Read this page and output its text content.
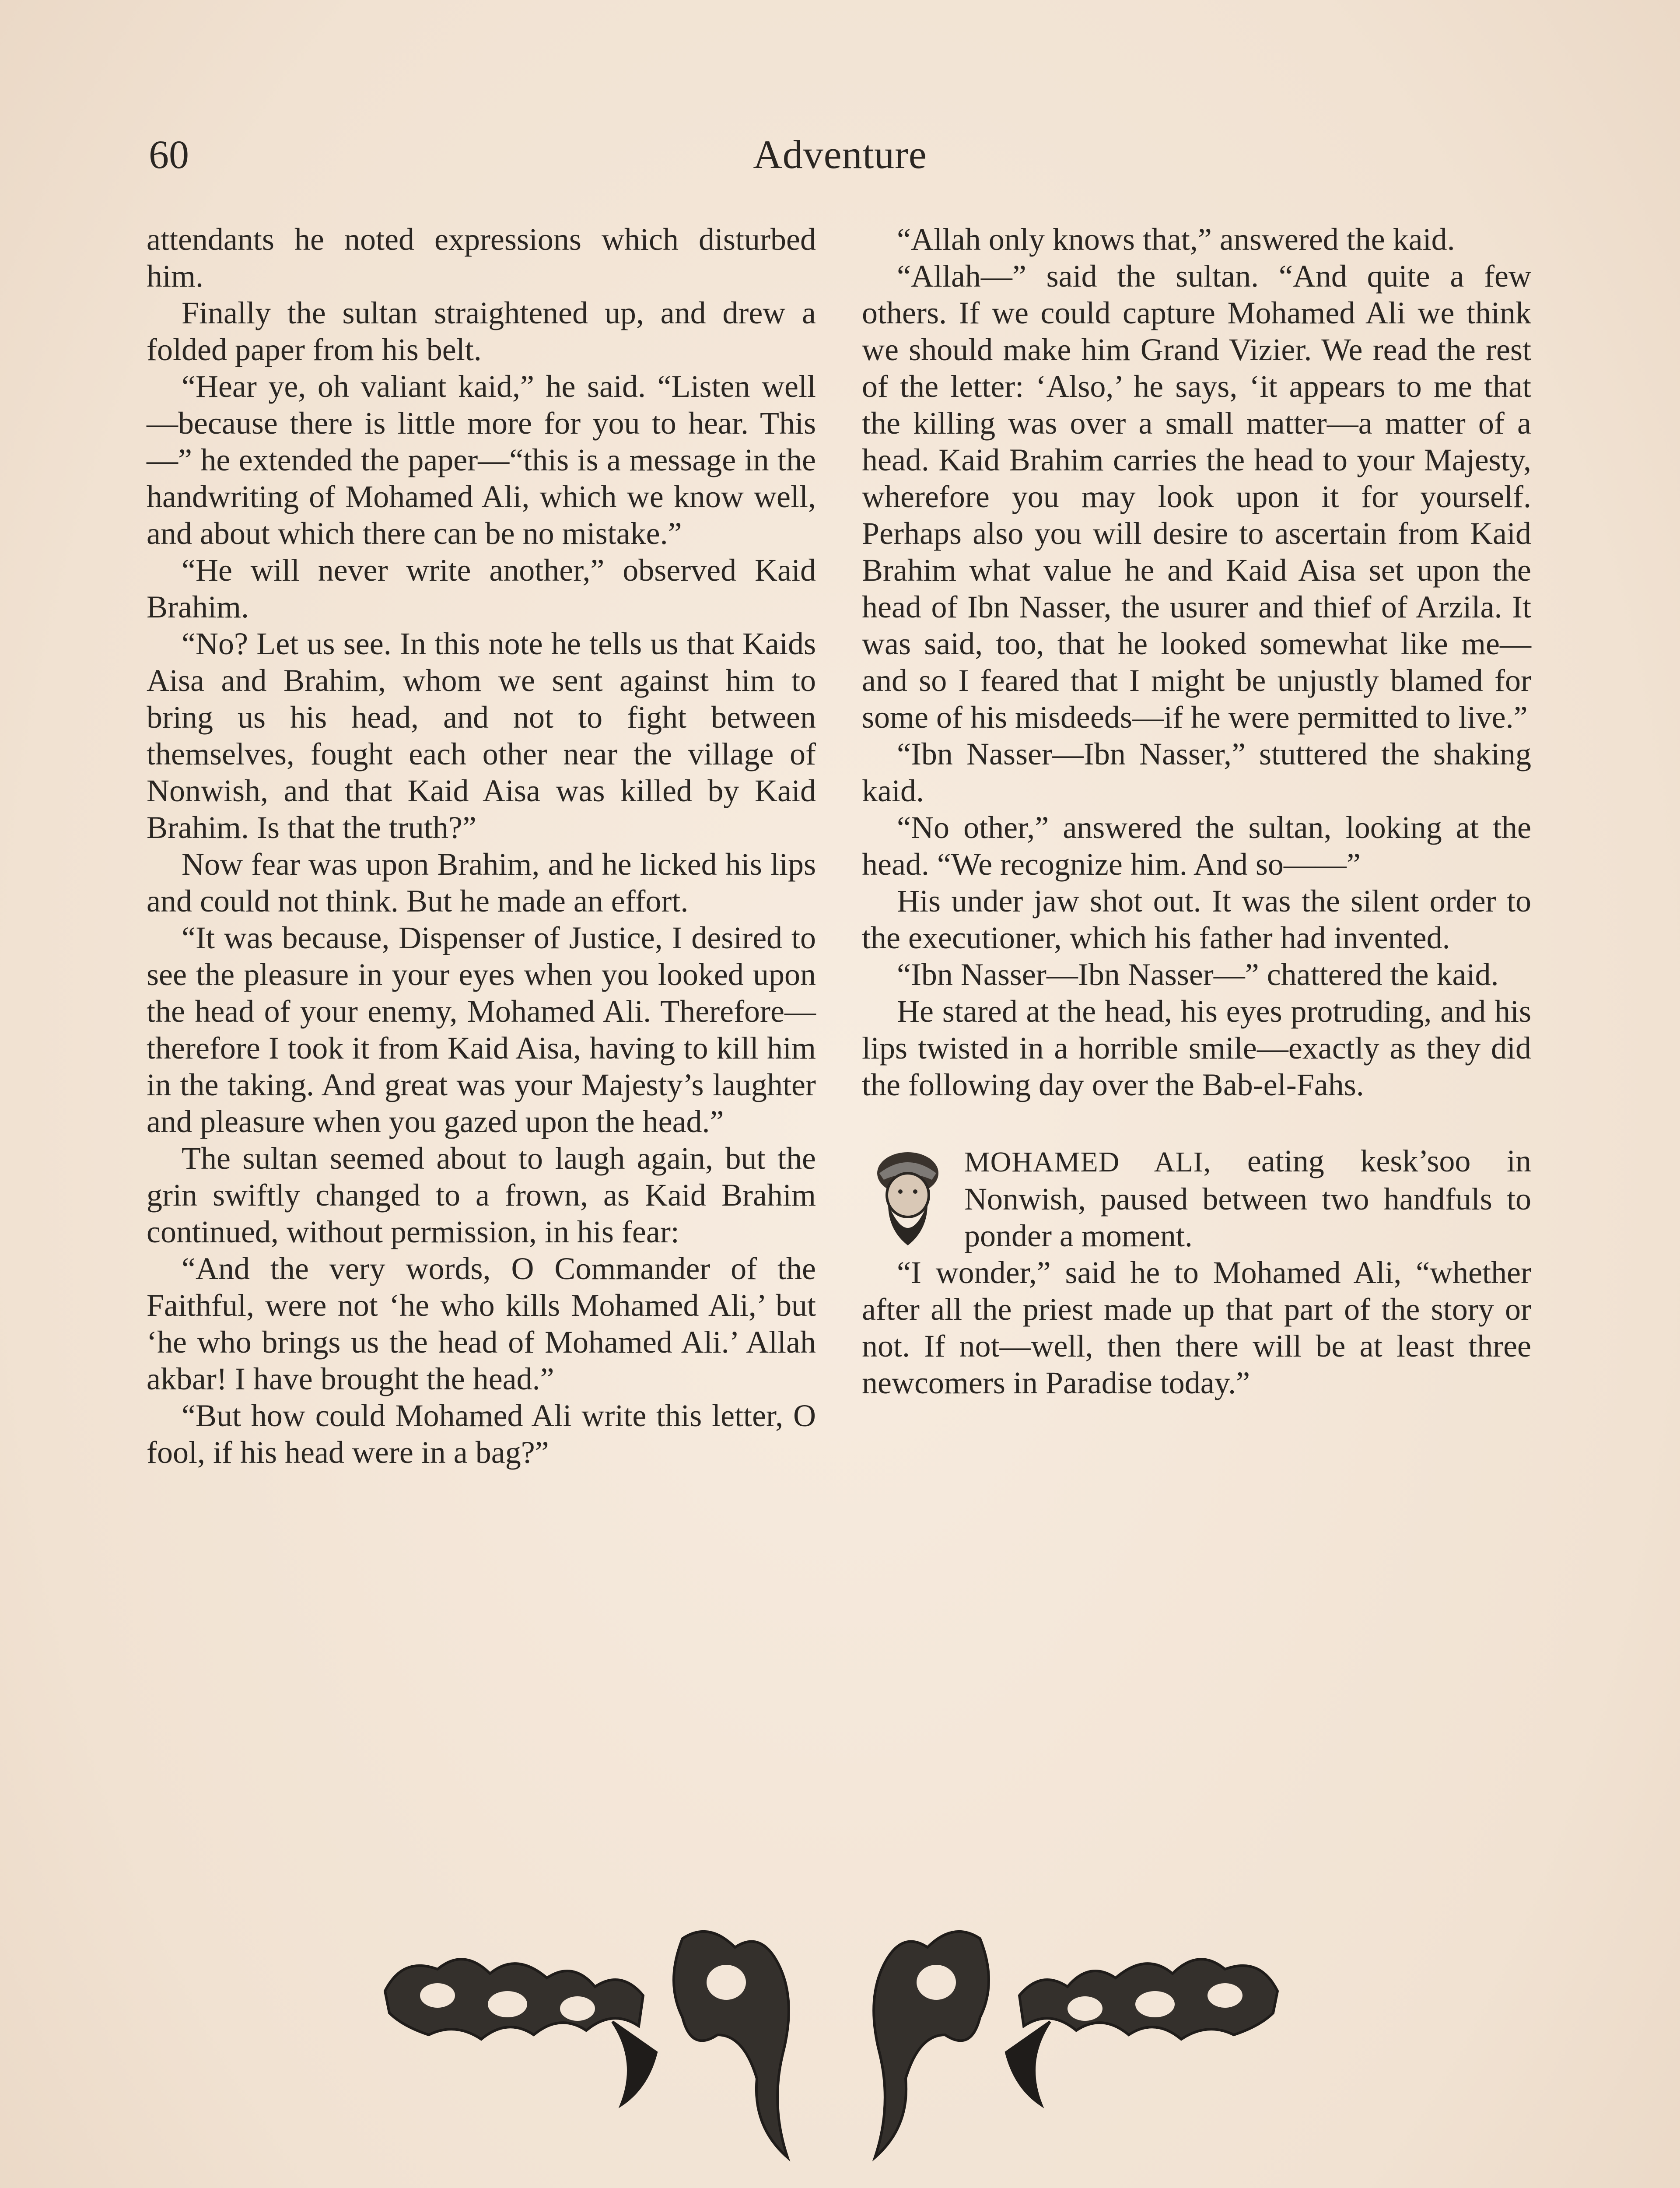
60	Adventure

attendants he noted expressions which disturbed him.

Finally the sultan straightened up, and drew a folded paper from his belt.

“Hear ye, oh valiant kaid,” he said. “Listen well—because there is little more for you to hear. This—” he extended the paper—“this is a message in the handwriting of Mohamed Ali, which we know well, and about which there can be no mistake.”

“He will never write another,” observed Kaid Brahim.

“No? Let us see. In this note he tells us that Kaids Aisa and Brahim, whom we sent against him to bring us his head, and not to fight between themselves, fought each other near the village of Nonwish, and that Kaid Aisa was killed by Kaid Brahim. Is that the truth?”

Now fear was upon Brahim, and he licked his lips and could not think. But he made an effort.

“It was because, Dispenser of Justice, I desired to see the pleasure in your eyes when you looked upon the head of your enemy, Mohamed Ali. Therefore—therefore I took it from Kaid Aisa, having to kill him in the taking. And great was your Majesty’s laughter and pleasure when you gazed upon the head.”

The sultan seemed about to laugh again, but the grin swiftly changed to a frown, as Kaid Brahim continued, without permission, in his fear:

“And the very words, O Commander of the Faithful, were not ‘he who kills Mohamed Ali,’ but ‘he who brings us the head of Mohamed Ali.’ Allah akbar! I have brought the head.”

“But how could Mohamed Ali write this letter, O fool, if his head were in a bag?”

“Allah only knows that,” answered the kaid.

“Allah—” said the sultan. “And quite a few others. If we could capture Mohamed Ali we think we should make him Grand Vizier. We read the rest of the letter: ‘Also,’ he says, ‘it appears to me that the killing was over a small matter—a matter of a head. Kaid Brahim carries the head to your Majesty, wherefore you may look upon it for yourself. Perhaps also you will desire to ascertain from Kaid Brahim what value he and Kaid Aisa set upon the head of Ibn Nasser, the usurer and thief of Arzila. It was said, too, that he looked somewhat like me—and so I feared that I might be unjustly blamed for some of his misdeeds—if he were permitted to live.”

“Ibn Nasser—Ibn Nasser,” stuttered the shaking kaid.

“No other,” answered the sultan, looking at the head. “We recognize him. And so——”

His under jaw shot out. It was the silent order to the executioner, which his father had invented.

“Ibn Nasser—Ibn Nasser—” chattered the kaid.

He stared at the head, his eyes protruding, and his lips twisted in a horrible smile—exactly as they did the following day over the Bab-el-Fahs.

MOHAMED ALI, eating kesk’soo in Nonwish, paused between two handfuls to ponder a moment.

“I wonder,” said he to Mohamed Ali, “whether after all the priest made up that part of the story or not. If not—well, then there will be at least three newcomers in Paradise today.”
